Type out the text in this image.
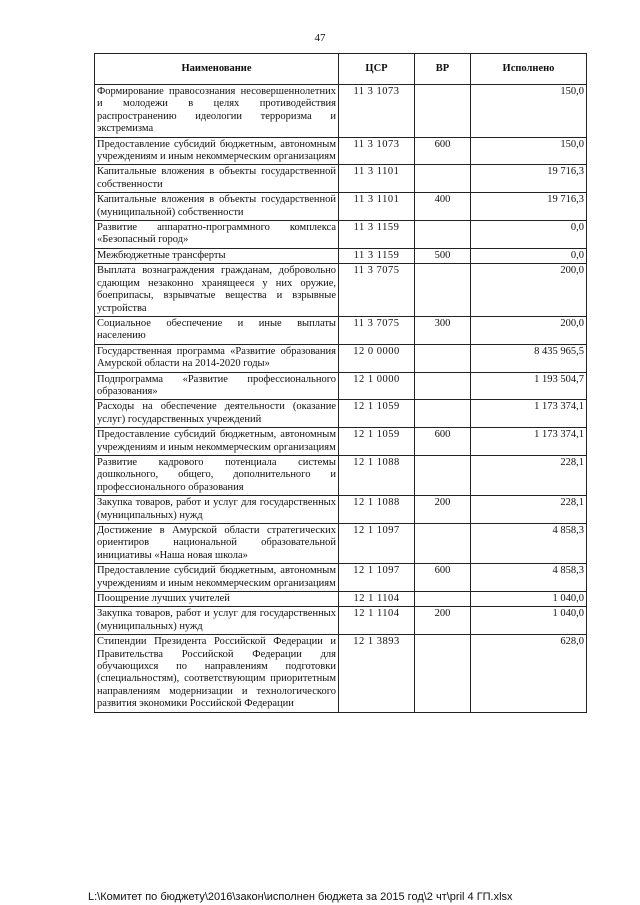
47
Наименование	ЦСР	ВР	Исполнено
Формирование правосознания несовершеннолетних и молодежи в целях противодействия распространению идеологии терроризма и экстремизма	11 3 1073		150,0
Предоставление субсидий бюджетным, автономным учреждениям и иным некоммерческим организациям	11 3 1073	600	150,0
Капитальные вложения в объекты государственной собственности	11 3 1101		19 716,3
Капитальные вложения в объекты государственной (муниципальной) собственности	11 3 1101	400	19 716,3
Развитие аппаратно-программного комплекса «Безопасный город»	11 3 1159		0,0
Межбюджетные трансферты	11 3 1159	500	0,0
Выплата вознаграждения гражданам, добровольно сдающим незаконно хранящееся у них оружие, боеприпасы, взрывчатые вещества и взрывные устройства	11 3 7075		200,0
Социальное обеспечение и иные выплаты населению	11 3 7075	300	200,0
Государственная программа «Развитие образования Амурской области на 2014-2020 годы»	12 0 0000		8 435 965,5
Подпрограмма «Развитие профессионального образования»	12 1 0000		1 193 504,7
Расходы на обеспечение деятельности (оказание услуг) государственных учреждений	12 1 1059		1 173 374,1
Предоставление субсидий бюджетным, автономным учреждениям и иным некоммерческим организациям	12 1 1059	600	1 173 374,1
Развитие кадрового потенциала системы дошкольного, общего, дополнительного и профессионального образования	12 1 1088		228,1
Закупка товаров, работ и услуг для государственных (муниципальных) нужд	12 1 1088	200	228,1
Достижение в Амурской области стратегических ориентиров национальной образовательной инициативы «Наша новая школа»	12 1 1097		4 858,3
Предоставление субсидий бюджетным, автономным учреждениям и иным некоммерческим организациям	12 1 1097	600	4 858,3
Поощрение лучших учителей	12 1 1104		1 040,0
Закупка товаров, работ и услуг для государственных (муниципальных) нужд	12 1 1104	200	1 040,0
Стипендии Президента Российской Федерации и Правительства Российской Федерации для обучающихся по направлениям подготовки (специальностям), соответствующим приоритетным направлениям модернизации и технологического развития экономики Российской Федерации	12 1 3893		628,0
L:\Комитет по бюджету\2016\закон\исполнен бюджета за 2015 год\2 чт\pril 4 ГП.xlsx
